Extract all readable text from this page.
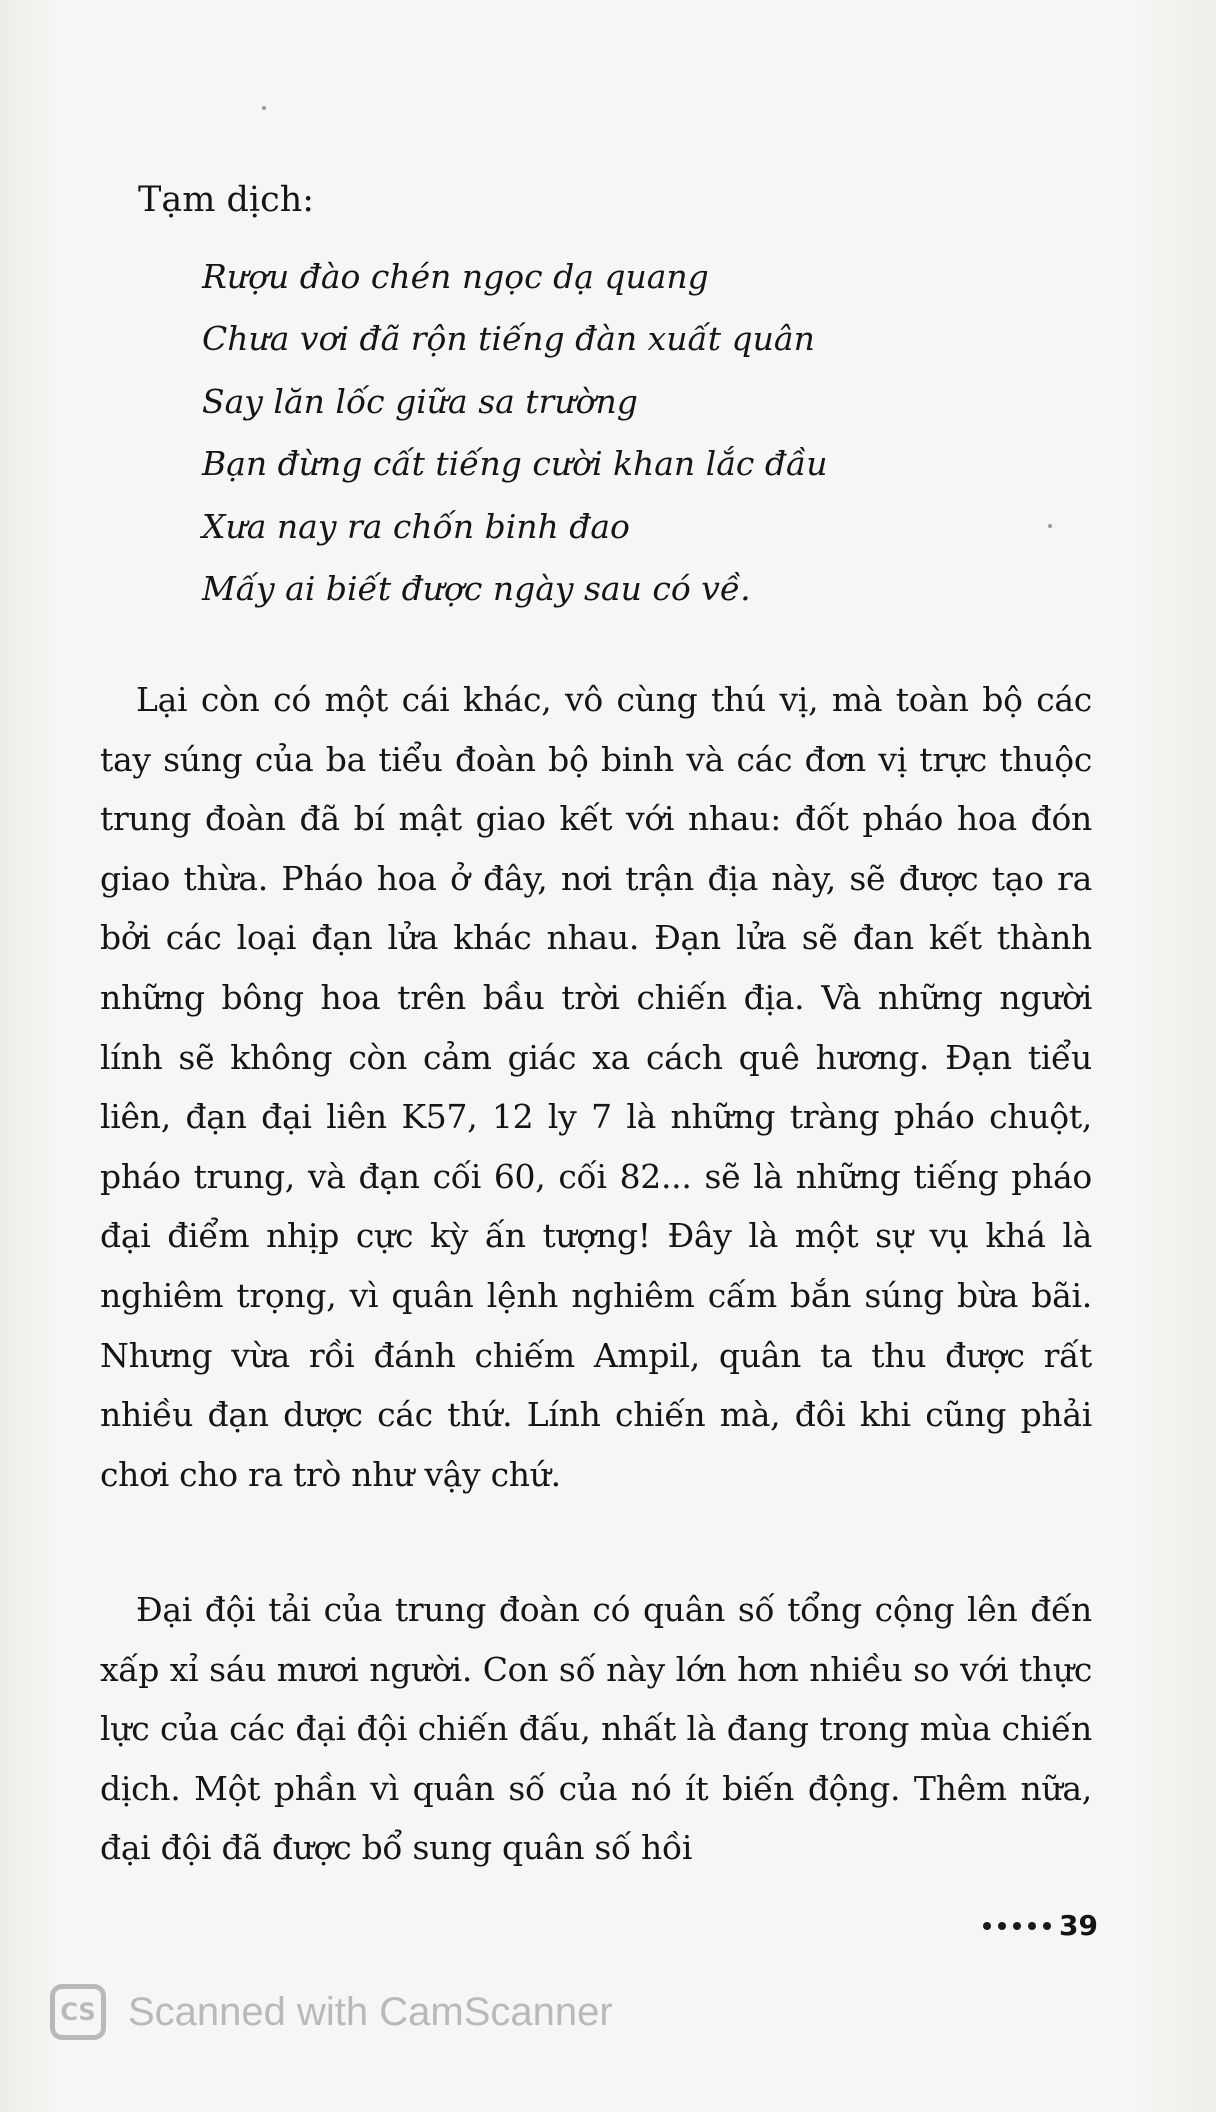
Tạm dịch:

Rượu đào chén ngọc dạ quang
Chưa vơi đã rộn tiếng đàn xuất quân
Say lăn lốc giữa sa trường
Bạn đừng cất tiếng cười khan lắc đầu
Xưa nay ra chốn binh đao
Mấy ai biết được ngày sau có về.

Lại còn có một cái khác, vô cùng thú vị, mà toàn bộ các tay súng của ba tiểu đoàn bộ binh và các đơn vị trực thuộc trung đoàn đã bí mật giao kết với nhau: đốt pháo hoa đón giao thừa. Pháo hoa ở đây, nơi trận địa này, sẽ được tạo ra bởi các loại đạn lửa khác nhau. Đạn lửa sẽ đan kết thành những bông hoa trên bầu trời chiến địa. Và những người lính sẽ không còn cảm giác xa cách quê hương. Đạn tiểu liên, đạn đại liên K57, 12 ly 7 là những tràng pháo chuột, pháo trung, và đạn cối 60, cối 82... sẽ là những tiếng pháo đại điểm nhịp cực kỳ ấn tượng! Đây là một sự vụ khá là nghiêm trọng, vì quân lệnh nghiêm cấm bắn súng bừa bãi. Nhưng vừa rồi đánh chiếm Ampil, quân ta thu được rất nhiều đạn dược các thứ. Lính chiến mà, đôi khi cũng phải chơi cho ra trò như vậy chứ.

Đại đội tải của trung đoàn có quân số tổng cộng lên đến xấp xỉ sáu mươi người. Con số này lớn hơn nhiều so với thực lực của các đại đội chiến đấu, nhất là đang trong mùa chiến dịch. Một phần vì quân số của nó ít biến động. Thêm nữa, đại đội đã được bổ sung quân số hồi

39
CS Scanned with CamScanner
